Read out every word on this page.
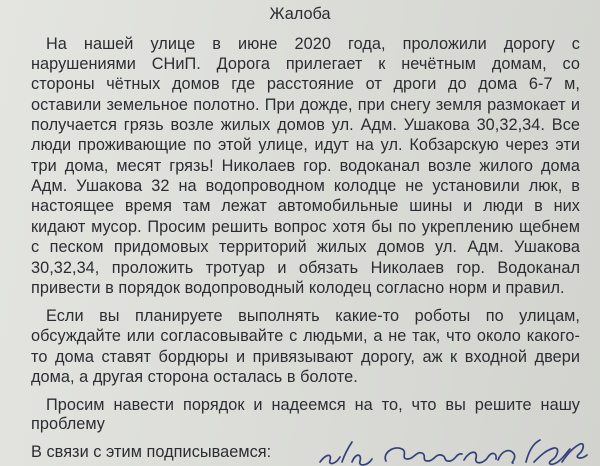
Жалоба

На нашей улице в июне 2020 года, проложили дорогу с

нарушениями СНиП. Дорога прилегает к нечётным домам, со

стороны чётных домов где расстояние от дроги до дома 6-7 м,

оставили земельное полотно. При дожде, при снегу земля размокает и

получается грязь возле жилых домов ул. Адм. Ушакова 30,32,34. Все

люди проживающие по этой улице, идут на ул. Кобзарскую через эти

три дома, месят грязь! Николаев гор. водоканал возле жилого дома

Адм. Ушакова 32 на водопроводном колодце не установили люк, в

настоящее время там лежат автомобильные шины и люди в них

кидают мусор. Просим решить вопрос хотя бы по укреплению щебнем

с песком придомовых территорий жилых домов ул. Адм. Ушакова

30,32,34, проложить тротуар и обязать Николаев гор. Водоканал

привести в порядок водопроводный колодец согласно норм и правил.

Если вы планируете выполнять какие-то роботы по улицам,

обсуждайте или согласовывайте с людьми, а не так, что около какого-

то дома ставят бордюры и привязывают дорогу, аж к входной двери

дома, а другая сторона осталась в болоте.

Просим навести порядок и надеемся на то, что вы решите нашу

проблему

В связи с этим подписываемся:
